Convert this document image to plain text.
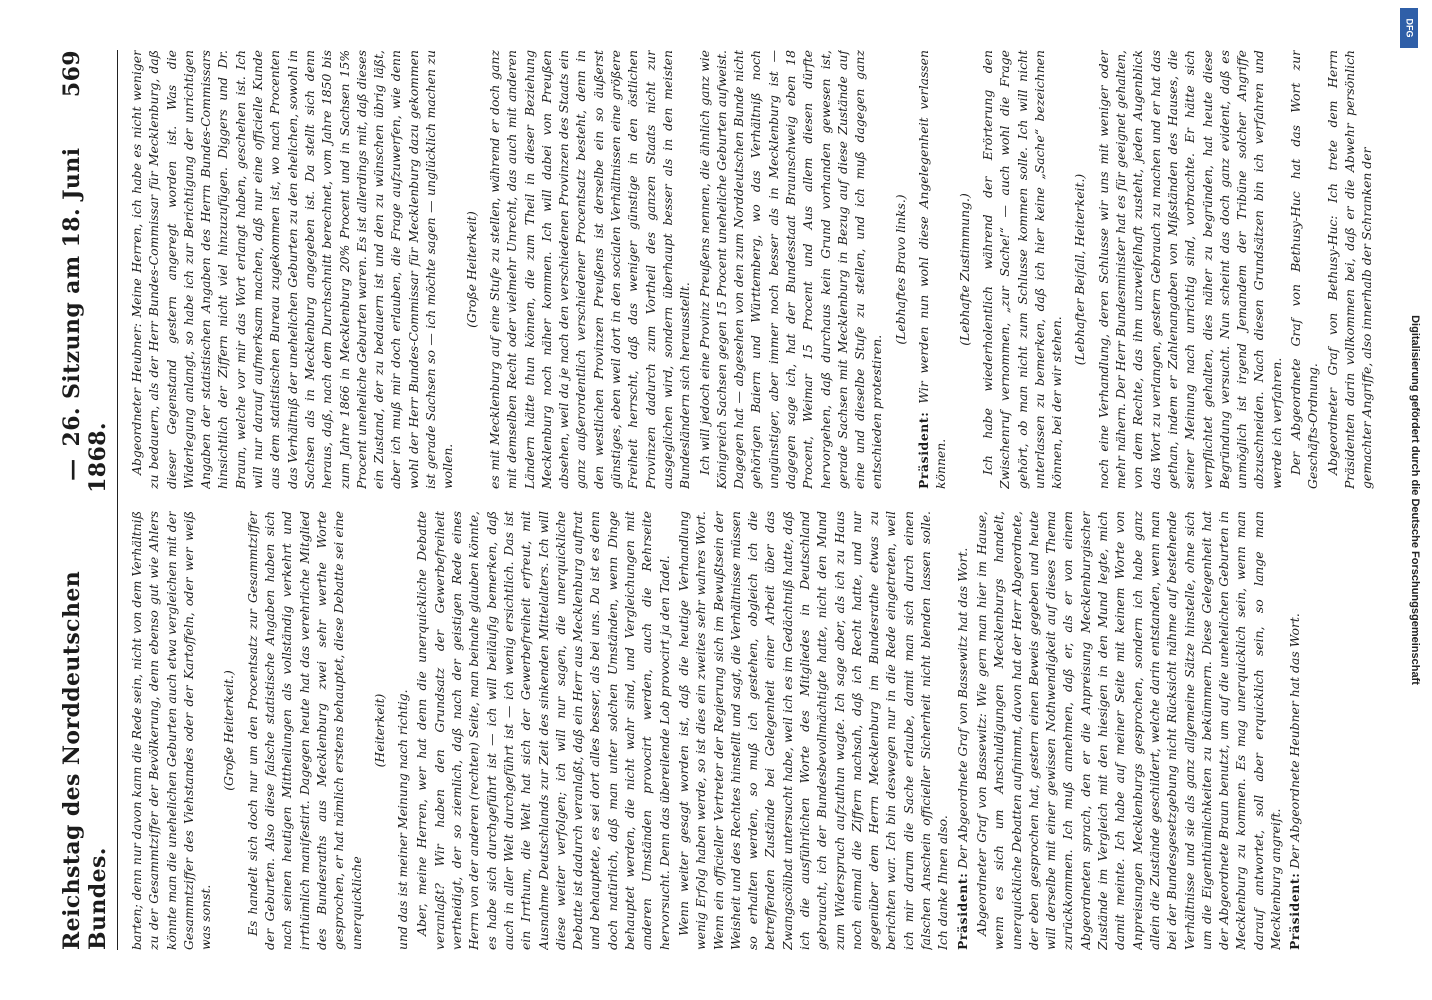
Reichstag des Norddeutschen Bundes.
—26. Sitzung am 18. Juni 1868.
569

barten; denn nur davon kann die Rede sein, nicht von dem Verhältniß zu der Gesammtziffer der Bevölkerung, denn ebenso gut wie Ahlers könnte man die unehelichen Geburten auch etwa vergleichen mit der Gesammtziffer des Viehstandes oder der Kartoffeln, oder wer weiß was sonst.

(Große Heiterkeit.) Es handelt sich doch nur um den Procentsatz zur Gesammtziffer der Geburten. Also diese falsche statistische Angaben haben sich nach seinen heutigen Mittheilungen als vollständig verkehrt und irrthümlich manifestirt. Dagegen heute hat das verehrliche Mitglied des Bundesraths aus Mecklenburg zwei sehr werthe Worte gesprochen, er hat nämlich erstens behauptet, diese Debatte sei eine unerquickliche

(Heiterkeit) und das ist meiner Meinung nach richtig. Aber, meine Herren, wer hat denn die unerquickliche Debatte veranlaßt? Wir haben den Grundsatz der Gewerbefreiheit vertheidigt, der so ziemlich, daß nach der geistigen Rede eines Herrn von der anderen (rechten) Seite, man beinahe glauben könnte, es habe sich durchgeführt ist — ich will beiläufig bemerken, daß auch in aller Welt durchgeführt ist — ich wenig ersichtlich. Das ist ein Irrthum, die Welt hat sich der Gewerbefreiheit erfreut, mit Ausnahme Deutschlands zur Zeit des sinkenden Mittelalters. Ich will diese weiter verfolgen; ich will nur sagen, die unerquickliche Debatte ist dadurch veranlaßt, daß ein Herr aus Mecklenburg auftrat und behauptete, es sei dort alles besser, als bei uns. Da ist es denn doch natürlich, daß man unter solchen Umständen, wenn Dinge behauptet werden, die nicht wahr sind, und Vergleichungen mit anderen Umständen provocirt werden, auch die Rehrseite hervorsucht. Denn das übereilende Lob provocirt ja den Tadel. Wenn weiter gesagt worden ist, daß die heutige Verhandlung wenig Erfolg haben werde, so ist dies ein zweites sehr wahres Wort. Wenn ein officieller Vertreter der Regierung sich im Bewußtsein der Weisheit und des Rechtes hinstellt und sagt, die Verhältnisse müssen so erhalten werden, so muß ich gestehen, obgleich ich die betreffenden Zustände bei Gelegenheit einer Arbeit über das Zwangscölibat untersucht habe, weil ich es im Gedächtniß hatte, daß ich die ausführlichen Worte des Mitgliedes in Deutschland gebraucht, ich der Bundesbevollmächtigte hatte, nicht den Mund zum Widerspruch aufzuthun wagte. Ich sage aber, als ich zu Haus noch einmal die Ziffern nachsah, daß ich Recht hatte, und nur gegenüber dem Herrn Mecklenburg im Bundesrathe etwas zu berichten war. Ich bin deswegen nur in die Rede eingetreten, weil ich mir darum die Sache erlaube, damit man sich durch einen falschen Anschein officieller Sicherheit nicht blenden lassen solle. Ich danke Ihnen also. Präsident: Der Abgeordnete Graf von Bassewitz hat das Wort. Abgeordneter Graf von Bassewitz: Wie gern man hier im Hause, wenn es sich um Anschuldigungen Mecklenburgs handelt, unerquickliche Debatten aufnimmt, davon hat der Herr Abgeordnete, der eben gesprochen hat, gestern einen Beweis gegeben und heute will derselbe mit einer gewissen Nothwendigkeit auf dieses Thema zurückkommen. Ich muß annehmen, daß er, als er von einem Abgeordneten sprach, den er die Anpreisung Mecklenburgischer Zustände im Vergleich mit den hiesigen in den Mund legte, mich damit meinte. Ich habe auf meiner Seite mit keinem Worte von Anpreisungen Mecklenburgs gesprochen, sondern ich habe ganz allein die Zustände geschildert, welche darin entstanden, wenn man bei der Bundesgesetzgebung nicht Rücksicht nähme auf bestehende Verhältnisse und sie als ganz allgemeine Sätze hinstelle, ohne sich um die Eigenthümlichkeiten zu bekümmern. Diese Gelegenheit hat der Abgeordnete Braun benutzt, um auf die unehelichen Geburten in Mecklenburg zu kommen. Es mag unerquicklich sein, wenn man darauf antwortet, soll aber erquicklich sein, so lange man Mecklenburg angreift. Präsident: Der Abgeordnete Heubner hat das Wort.

Abgeordneter Heubner: Meine Herren, ich habe es nicht weniger zu bedauern, als der Herr Bundes-Commissar für Mecklenburg, daß dieser Gegenstand gestern angeregt worden ist. Was die Widerlegung anlangt, so habe ich zur Berichtigung der unrichtigen Angaben der statistischen Angaben des Herrn Bundes-Commissars hinsichtlich der Ziffern nicht viel hinzuzufügen. Diggers und Dr. Braun, welche vor mir das Wort erlangt haben, geschehen ist. Ich will nur darauf aufmerksam machen, daß nur eine officielle Kunde aus dem statistischen Bureau zugekommen ist, wo nach Procenten das Verhältniß der unehelichen Geburten zu den ehelichen, sowohl in Sachsen als in Mecklenburg angegeben ist. Da stellt sich denn heraus, daß, nach dem Durchschnitt berechnet, vom Jahre 1850 bis zum Jahre 1866 in Mecklenburg 20% Procent und in Sachsen 15% Procent uneheliche Geburten waren. Es ist allerdings mit, daß dieses ein Zustand, der zu bedauern ist und den zu wünschen übrig läßt, aber ich muß mir doch erlauben, die Frage aufzuwerfen, wie denn wohl der Herr Bundes-Commissar für Mecklenburg dazu gekommen ist gerade Sachsen so — ich möchte sagen — unglücklich machen zu wollen.

(Große Heiterkeit) es mit Mecklenburg auf eine Stufe zu stellen, während er doch ganz mit demselben Recht oder vielmehr Unrecht, das auch mit anderen Ländern hätte thun können, die zum Theil in dieser Beziehung Mecklenburg noch näher kommen. Ich will dabei von Preußen absehen, weil da je nach den verschiedenen Provinzen des Staats ein ganz außerordentlich verschiedener Procentsatz besteht, denn in den westlichen Provinzen Preußens ist derselbe ein so äußerst günstiges, eben weil dort in den socialen Verhältnissen eine größere Freiheit herrscht, daß das weniger günstige in den östlichen Provinzen dadurch zum Vortheil des ganzen Staats nicht zur ausgeglichen wird, sondern überhaupt besser als in den meisten Bundesländern sich herausstellt. Ich will jedoch eine Provinz Preußens nennen, die ähnlich ganz wie Königreich Sachsen gegen 15 Procent uneheliche Geburten aufweist. Dagegen hat — abgesehen von den zum Norddeutschen Bunde nicht gehörigen Baiern und Württemberg, wo das Verhältniß noch ungünstiger, aber immer noch besser als in Mecklenburg ist — dagegen sage ich, hat der Bundesstaat Braunschweig eben 18 Procent, Weimar 15 Procent und Aus allem diesen dürfte hervorgehen, daß durchaus kein Grund vorhanden gewesen ist, gerade Sachsen mit Mecklenburg in Bezug auf diese Zustände auf eine und dieselbe Stufe zu stellen, und ich muß dagegen ganz entschieden protestiren.

(Lebhaftes Bravo links.)

Präsident: Wir werden nun wohl diese Angelegenheit verlassen können.

(Lebhafte Zustimmung.) Ich habe wiederholentlich während der Erörterung den Zwischenruf vernommen, „zur Sache!“ — auch wohl die Frage gehört, ob man nicht zum Schlusse kommen solle. Ich will nicht unterlassen zu bemerken, daß ich hier keine „Sache“ bezeichnen können, bei der wir stehen.

(Lebhafter Beifall, Heiterkeit.) noch eine Verhandlung, deren Schlusse wir uns mit weniger oder mehr nähern. Der Herr Bundesminister hat es für geeignet gehalten, von dem Rechte, das ihm unzweifelhaft zusteht, jeden Augenblick das Wort zu verlangen, gestern Gebrauch zu machen und er hat das gethan, indem er Zahlenangaben von Mißständen des Hauses, die seiner Meinung nach unrichtig sind, vorbrachte. Er hätte sich verpflichtet gehalten, dies näher zu begründen, hat heute diese Begründung versucht. Nun scheint das doch ganz evident, daß es unmöglich ist irgend Jemandem der Tribüne solcher Angriffe abzuschneiden. Nach diesen Grundsätzen bin ich verfahren und werde ich verfahren. Der Abgeordnete Graf von Bethusy-Huc hat das Wort zur Geschäfts-Ordnung. Abgeordneter Graf von Bethusy-Huc: Ich trete dem Herrn Präsidenten darin vollkommen bei, daß er die Abwehr persönlich gemachter Angriffe, also innerhalb der Schranken der	Digitalisierung gefördert durch die Deutsche Forschungsgemeinschaft
DFG
